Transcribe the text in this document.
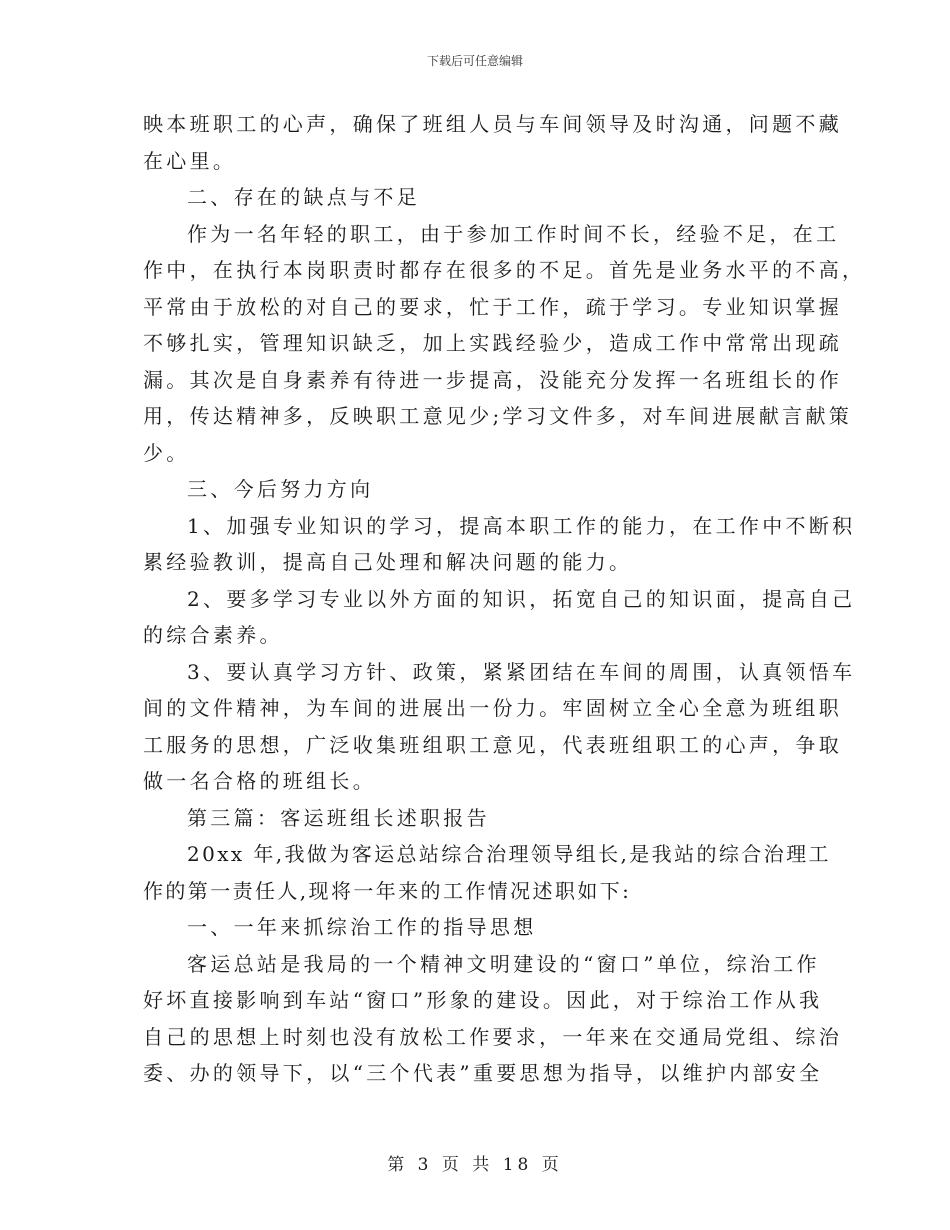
下载后可任意编辑
映本班职工的心声，确保了班组人员与车间领导及时沟通，问题不藏
在心里。
二、存在的缺点与不足
作为一名年轻的职工，由于参加工作时间不长，经验不足，在工
作中，在执行本岗职责时都存在很多的不足。首先是业务水平的不高，
平常由于放松的对自己的要求，忙于工作，疏于学习。专业知识掌握
不够扎实，管理知识缺乏，加上实践经验少，造成工作中常常出现疏
漏。其次是自身素养有待进一步提高，没能充分发挥一名班组长的作
用，传达精神多，反映职工意见少;学习文件多，对车间进展献言献策
少。
三、今后努力方向
1、加强专业知识的学习，提高本职工作的能力，在工作中不断积
累经验教训，提高自己处理和解决问题的能力。
2、要多学习专业以外方面的知识，拓宽自己的知识面，提高自己
的综合素养。
3、要认真学习方针、政策，紧紧团结在车间的周围，认真领悟车
间的文件精神，为车间的进展出一份力。牢固树立全心全意为班组职
工服务的思想，广泛收集班组职工意见，代表班组职工的心声，争取
做一名合格的班组长。
第三篇：客运班组长述职报告
20xx 年,我做为客运总站综合治理领导组长,是我站的综合治理工
作的第一责任人,现将一年来的工作情况述职如下:
一、一年来抓综治工作的指导思想
客运总站是我局的一个精神文明建设的“窗口”单位，综治工作
好坏直接影响到车站“窗口”形象的建设。因此，对于综治工作从我
自己的思想上时刻也没有放松工作要求，一年来在交通局党组、综治
委、办的领导下，以“三个代表”重要思想为指导，以维护内部安全
第 3 页 共 18 页
